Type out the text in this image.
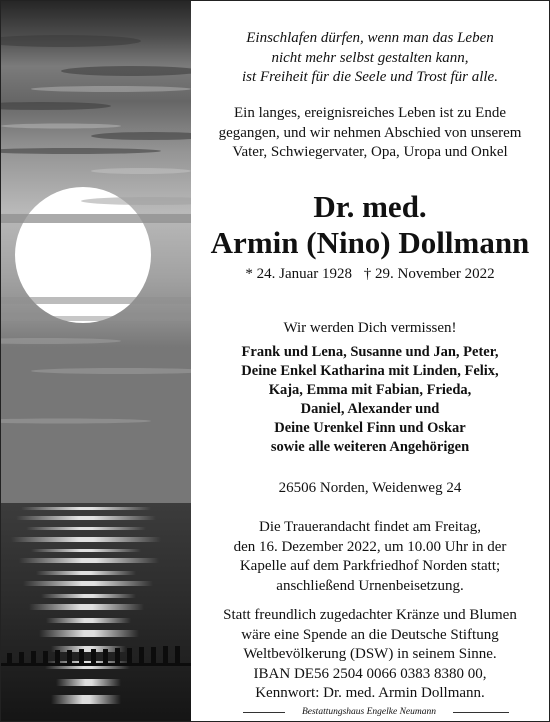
Einschlafen dürfen, wenn man das Leben
nicht mehr selbst gestalten kann,
ist Freiheit für die Seele und Trost für alle.
Ein langes, ereignisreiches Leben ist zu Ende
gegangen, und wir nehmen Abschied von unserem
Vater, Schwiegervater, Opa, Uropa und Onkel
Dr. med.
Armin (Nino) Dollmann
* 24. Januar 1928 † 29. November 2022
Wir werden Dich vermissen!
Frank und Lena, Susanne und Jan, Peter,
Deine Enkel Katharina mit Linden, Felix,
Kaja, Emma mit Fabian, Frieda,
Daniel, Alexander und
Deine Urenkel Finn und Oskar
sowie alle weiteren Angehörigen
26506 Norden, Weidenweg 24
Die Trauerandacht findet am Freitag,
den 16. Dezember 2022, um 10.00 Uhr in der
Kapelle auf dem Parkfriedhof Norden statt;
anschließend Urnenbeisetzung.
Statt freundlich zugedachter Kränze und Blumen
wäre eine Spende an die Deutsche Stiftung
Weltbevölkerung (DSW) in seinem Sinne.
IBAN DE56 2504 0066 0383 8380 00,
Kennwort: Dr. med. Armin Dollmann.
Bestattungshaus Engelke Neumann
